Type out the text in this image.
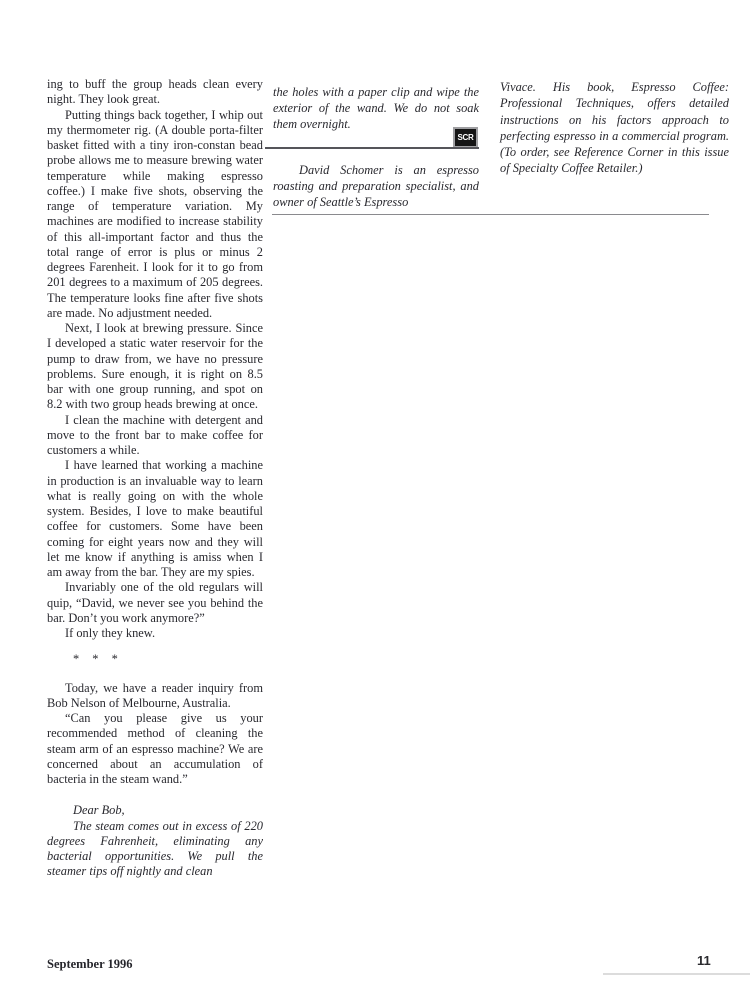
ing to buff the group heads clean every night. They look great.

Putting things back together, I whip out my thermometer rig. (A double porta-filter basket fitted with a tiny iron-constan bead probe allows me to measure brewing water temperature while making espresso coffee.) I make five shots, observing the range of temperature variation. My machines are modified to increase stability of this all-important factor and thus the total range of error is plus or minus 2 degrees Farenheit. I look for it to go from 201 degrees to a maximum of 205 degrees. The temperature looks fine after five shots are made. No adjustment needed.

Next, I look at brewing pressure. Since I developed a static water reservoir for the pump to draw from, we have no pressure problems. Sure enough, it is right on 8.5 bar with one group running, and spot on 8.2 with two group heads brewing at once.

I clean the machine with detergent and move to the front bar to make coffee for customers a while.

I have learned that working a machine in production is an invaluable way to learn what is really going on with the whole system. Besides, I love to make beautiful coffee for customers. Some have been coming for eight years now and they will let me know if anything is amiss when I am away from the bar. They are my spies.

Invariably one of the old regulars will quip, “David, we never see you behind the bar. Don’t you work anymore?”

If only they knew.

* * *

Today, we have a reader inquiry from Bob Nelson of Melbourne, Australia.

“Can you please give us your recommended method of cleaning the steam arm of an espresso machine? We are concerned about an accumulation of bacteria in the steam wand.”

Dear Bob,

The steam comes out in excess of 220 degrees Fahrenheit, eliminating any bacterial opportunities. We pull the steamer tips off nightly and clean

the holes with a paper clip and wipe the exterior of the wand. We do not soak them overnight.

David Schomer is an espresso roasting and preparation specialist, and owner of Seattle’s Espresso

Vivace. His book, Espresso Coffee: Professional Techniques, offers detailed instructions on his factors approach to perfecting espresso in a commercial program. (To order, see Reference Corner in this issue of Specialty Coffee Retailer.)

SCR
September 1996	11
